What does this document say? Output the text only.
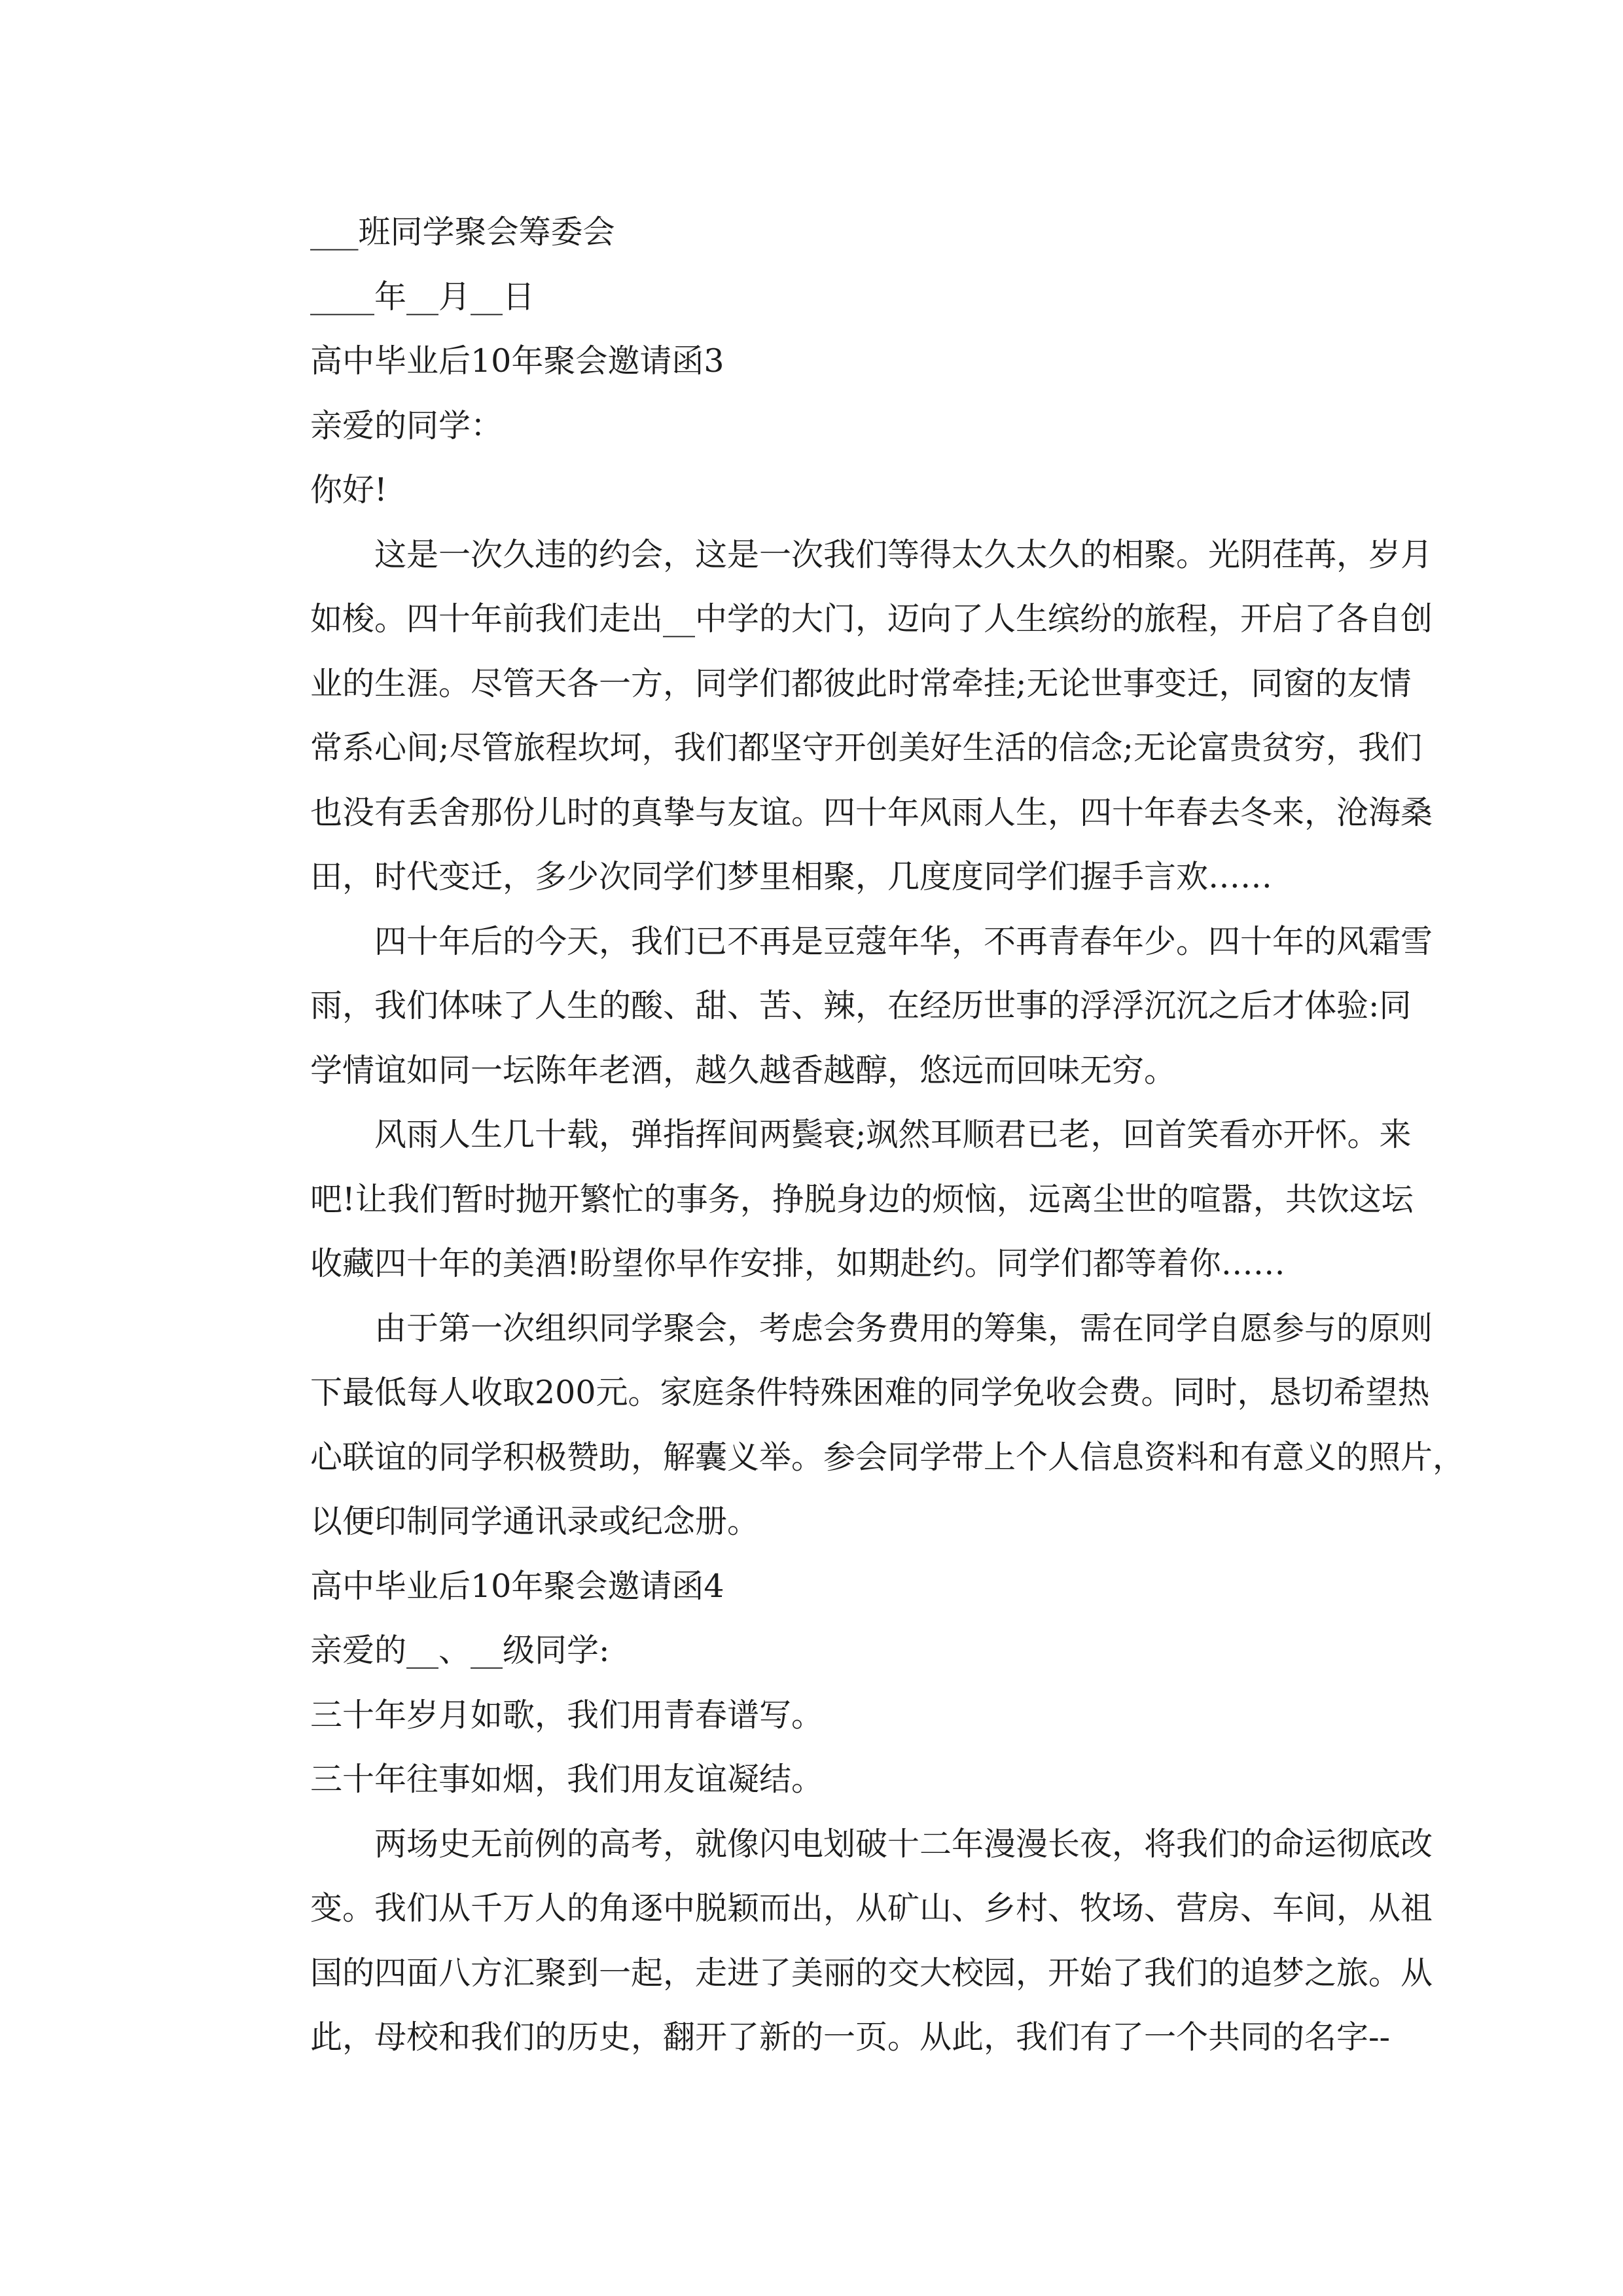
___班同学聚会筹委会

____年__月__日

高中毕业后10年聚会邀请函3

亲爱的同学：

你好!

这是一次久违的约会，这是一次我们等得太久太久的相聚。光阴荏苒，岁月
如梭。四十年前我们走出__中学的大门，迈向了人生缤纷的旅程，开启了各自创
业的生涯。尽管天各一方，同学们都彼此时常牵挂;无论世事变迁，同窗的友情
常系心间;尽管旅程坎坷，我们都坚守开创美好生活的信念;无论富贵贫穷，我们
也没有丢舍那份儿时的真挚与友谊。四十年风雨人生，四十年春去冬来，沧海桑
田，时代变迁，多少次同学们梦里相聚，几度度同学们握手言欢……
四十年后的今天，我们已不再是豆蔻年华，不再青春年少。四十年的风霜雪
雨，我们体味了人生的酸、甜、苦、辣，在经历世事的浮浮沉沉之后才体验:同
学情谊如同一坛陈年老酒，越久越香越醇，悠远而回味无穷。
风雨人生几十载，弹指挥间两鬓衰;飒然耳顺君已老，回首笑看亦开怀。来
吧!让我们暂时抛开繁忙的事务，挣脱身边的烦恼，远离尘世的喧嚣，共饮这坛
收藏四十年的美酒!盼望你早作安排，如期赴约。同学们都等着你……
由于第一次组织同学聚会，考虑会务费用的筹集，需在同学自愿参与的原则
下最低每人收取200元。家庭条件特殊困难的同学免收会费。同时，恳切希望热
心联谊的同学积极赞助，解囊义举。参会同学带上个人信息资料和有意义的照片，
以便印制同学通讯录或纪念册。

高中毕业后10年聚会邀请函4

亲爱的__、__级同学:

三十年岁月如歌，我们用青春谱写。

三十年往事如烟，我们用友谊凝结。

两场史无前例的高考，就像闪电划破十二年漫漫长夜，将我们的命运彻底改
变。我们从千万人的角逐中脱颖而出，从矿山、乡村、牧场、营房、车间，从祖
国的四面八方汇聚到一起，走进了美丽的交大校园，开始了我们的追梦之旅。从
此，母校和我们的历史，翻开了新的一页。从此，我们有了一个共同的名字--
